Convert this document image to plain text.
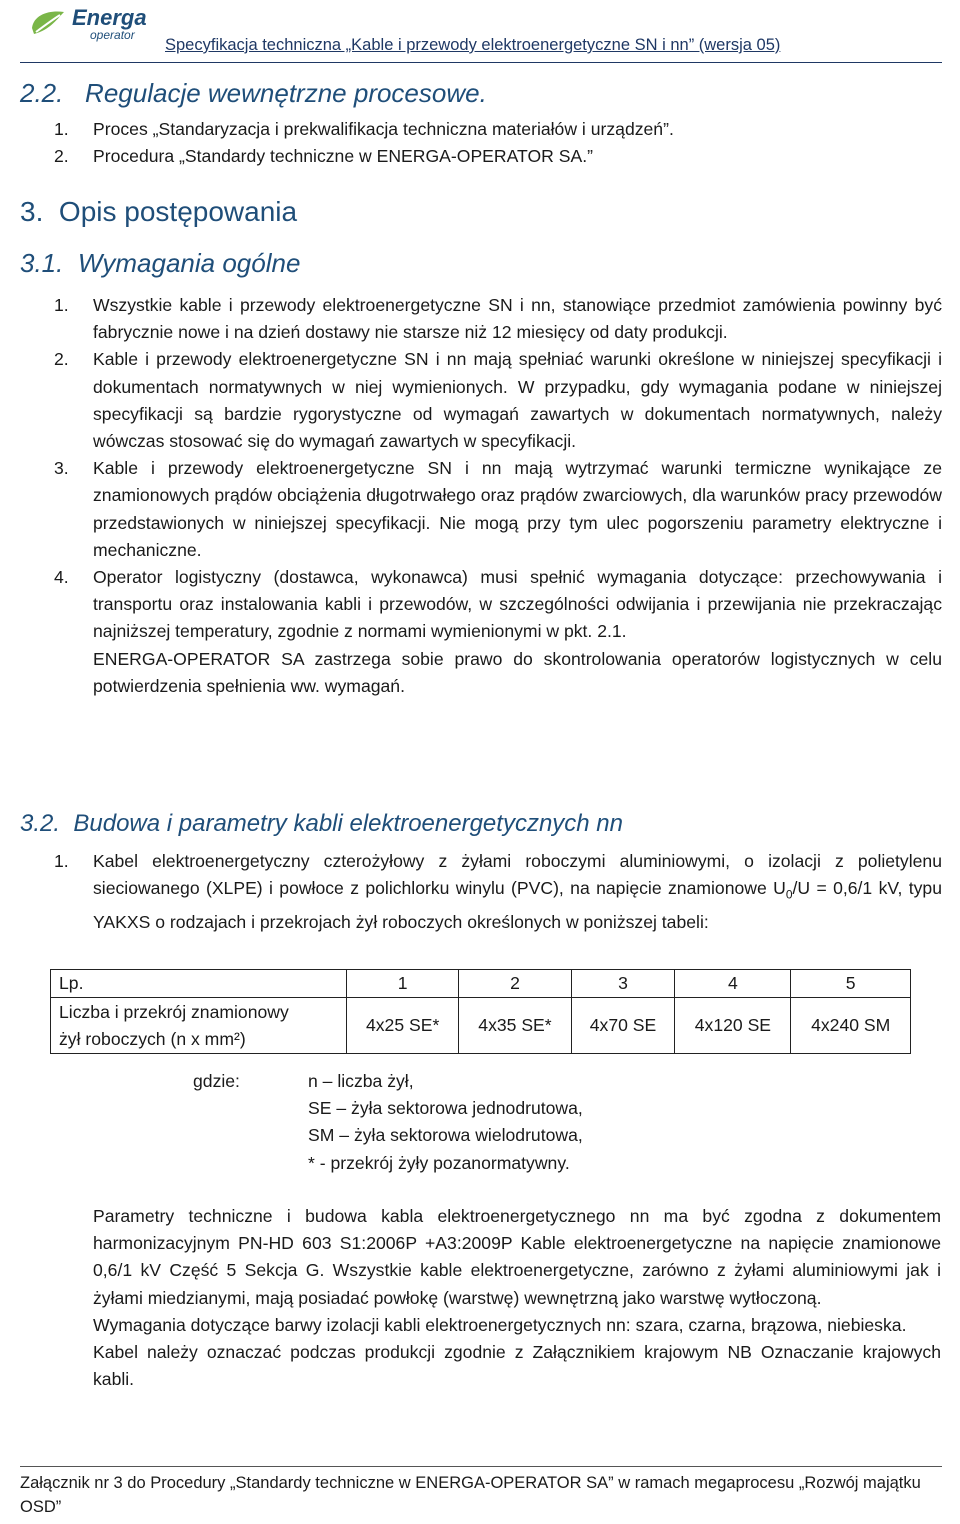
Energa
operator
Specyfikacja techniczna „Kable i przewody elektroenergetyczne SN i nn” (wersja 05)
2.2. Regulacje wewnętrzne procesowe.
1. Proces „Standaryzacja i prekwalifikacja techniczna materiałów i urządzeń”.
2. Procedura „Standardy techniczne w ENERGA-OPERATOR SA.”
3. Opis postępowania
3.1. Wymagania ogólne
1. Wszystkie kable i przewody elektroenergetyczne SN i nn, stanowiące przedmiot zamówienia powinny być fabrycznie nowe i na dzień dostawy nie starsze niż 12 miesięcy od daty produkcji.
2. Kable i przewody elektroenergetyczne SN i nn mają spełniać warunki określone w niniejszej specyfikacji i dokumentach normatywnych w niej wymienionych. W przypadku, gdy wymagania podane w niniejszej specyfikacji są bardzie rygorystyczne od wymagań zawartych w dokumentach normatywnych, należy wówczas stosować się do wymagań zawartych w specyfikacji.
3. Kable i przewody elektroenergetyczne SN i nn mają wytrzymać warunki termiczne wynikające ze znamionowych prądów obciążenia długotrwałego oraz prądów zwarciowych, dla warunków pracy przewodów przedstawionych w niniejszej specyfikacji. Nie mogą przy tym ulec pogorszeniu parametry elektryczne i mechaniczne.
4. Operator logistyczny (dostawca, wykonawca) musi spełnić wymagania dotyczące: przechowywania i transportu oraz instalowania kabli i przewodów, w szczególności odwijania i przewijania nie przekraczając najniższej temperatury, zgodnie z normami wymienionymi w pkt. 2.1.
ENERGA-OPERATOR SA zastrzega sobie prawo do skontrolowania operatorów logistycznych w celu potwierdzenia spełnienia ww. wymagań.
3.2. Budowa i parametry kabli elektroenergetycznych nn
1. Kabel elektroenergetyczny czterożyłowy z żyłami roboczymi aluminiowymi, o izolacji z polietylenu sieciowanego (XLPE) i powłoce z polichlorku winylu (PVC), na napięcie znamionowe $U_0/U = 0,6/1$ kV, typu YAKXS o rodzajach i przekrojach żył roboczych określonych w poniższej tabeli:
Lp.	1	2	3	4	5

Liczba i przekrój znamionowy
żył roboczych (n x mm²)	4x25 SE*	4x35 SE*	4x70 SE	4x120 SE	4x240 SM
gdzie:	n – liczba żył,
SE – żyła sektorowa jednodrutowa,
SM – żyła sektorowa wielodrutowa,
* - przekrój żyły pozanormatywny.

Parametry techniczne i budowa kabla elektroenergetycznego nn ma być zgodna z dokumentem harmonizacyjnym PN-HD 603 S1:2006P +A3:2009P Kable elektroenergetyczne na napięcie znamionowe 0,6/1 kV Część 5 Sekcja G. Wszystkie kable elektroenergetyczne, zarówno z żyłami aluminiowymi jak i żyłami miedzianymi, mają posiadać powłokę (warstwę) wewnętrzną jako warstwę wytłoczoną.

Wymagania dotyczące barwy izolacji kabli elektroenergetycznych nn: szara, czarna, brązowa, niebieska.

Kabel należy oznaczać podczas produkcji zgodnie z Załącznikiem krajowym NB Oznaczanie krajowych kabli.

Załącznik nr 3 do Procedury „Standardy techniczne w ENERGA-OPERATOR SA” w ramach megaprocesu „Rozwój majątku OSD”
